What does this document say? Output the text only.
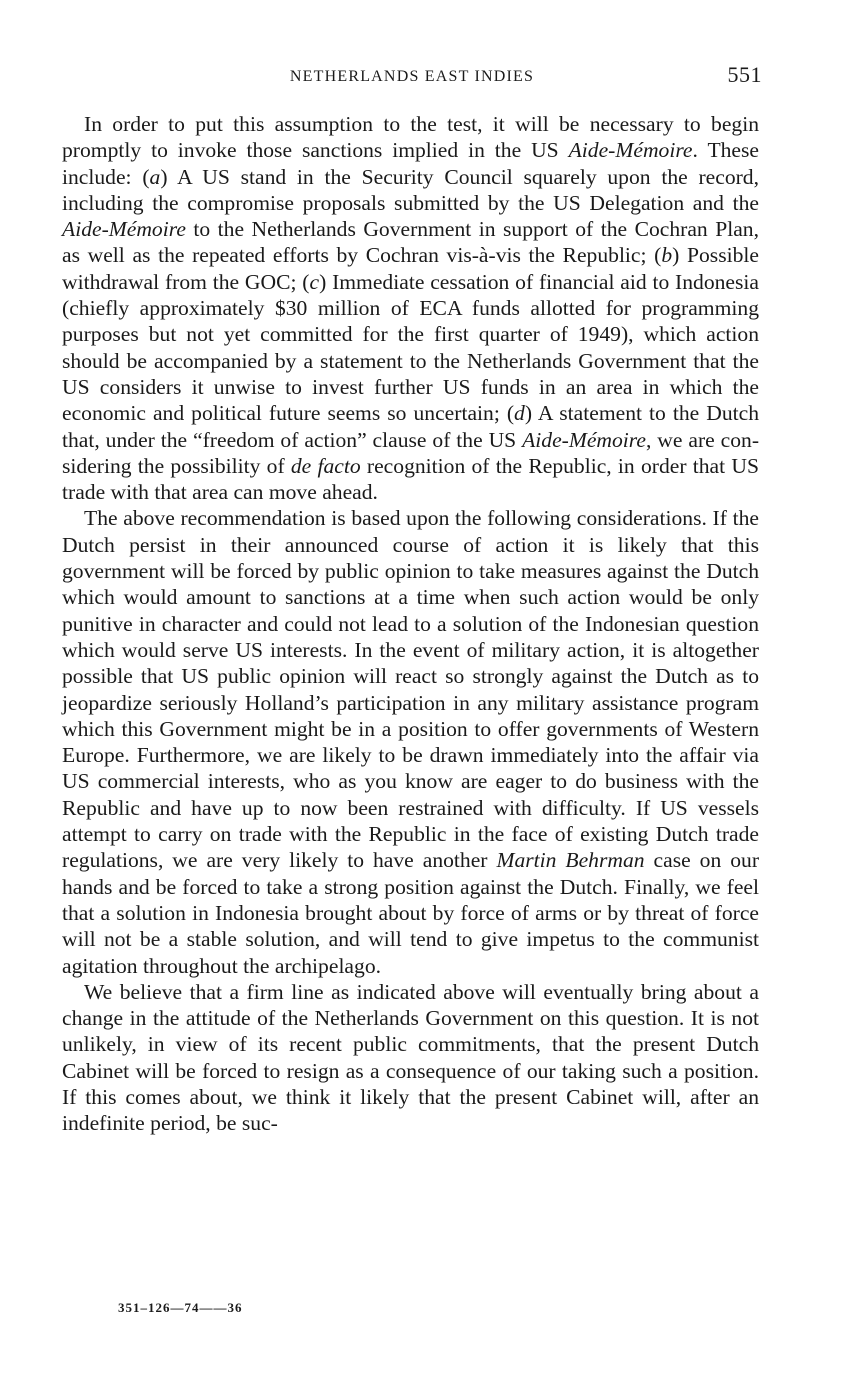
NETHERLANDS EAST INDIES	551

In order to put this assumption to the test, it will be necessary to begin promptly to invoke those sanctions implied in the US Aide-Mémoire. These include: (a) A US stand in the Security Council squarely upon the record, including the compromise proposals submitted by the US Delegation and the Aide-Mémoire to the Netherlands Government in support of the Cochran Plan, as well as the repeated efforts by Cochran vis-à-vis the Republic; (b) Possible withdrawal from the GOC; (c) Immediate cessation of financial aid to Indonesia (chiefly approximately $30 million of ECA funds allotted for programming purposes but not yet committed for the first quarter of 1949), which action should be accompanied by a statement to the Netherlands Government that the US considers it unwise to invest further US funds in an area in which the economic and political future seems so uncertain; (d) A statement to the Dutch that, under the “freedom of action” clause of the US Aide-Mémoire, we are considering the possibility of de facto recognition of the Republic, in order that US trade with that area can move ahead.

The above recommendation is based upon the following considerations. If the Dutch persist in their announced course of action it is likely that this government will be forced by public opinion to take measures against the Dutch which would amount to sanctions at a time when such action would be only punitive in character and could not lead to a solution of the Indonesian question which would serve US interests. In the event of military action, it is altogether possible that US public opinion will react so strongly against the Dutch as to jeopardize seriously Holland’s participation in any military assistance program which this Government might be in a position to offer governments of Western Europe. Furthermore, we are likely to be drawn immediately into the affair via US commercial interests, who as you know are eager to do business with the Republic and have up to now been restrained with difficulty. If US vessels attempt to carry on trade with the Republic in the face of existing Dutch trade regulations, we are very likely to have another Martin Behrman case on our hands and be forced to take a strong position against the Dutch. Finally, we feel that a solution in Indonesia brought about by force of arms or by threat of force will not be a stable solution, and will tend to give impetus to the communist agitation throughout the archipelago.

We believe that a firm line as indicated above will eventually bring about a change in the attitude of the Netherlands Government on this question. It is not unlikely, in view of its recent public commitments, that the present Dutch Cabinet will be forced to resign as a consequence of our taking such a position. If this comes about, we think it likely that the present Cabinet will, after an indefinite period, be suc-

351–126—74——36
